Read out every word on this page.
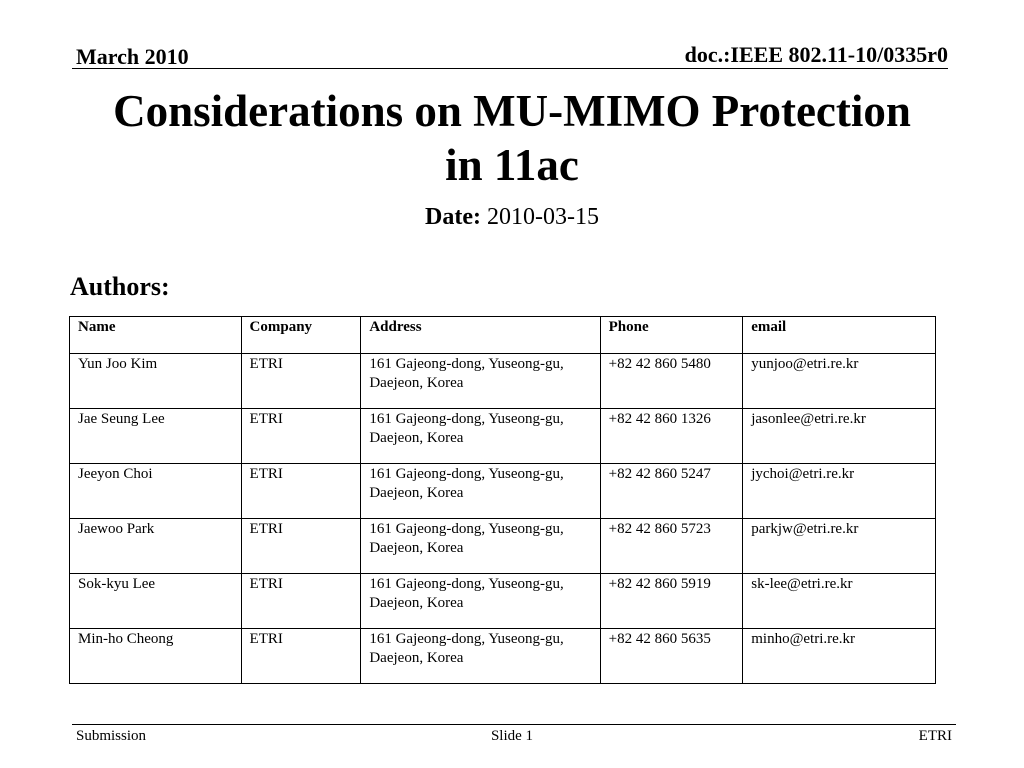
March 2010	doc.:IEEE 802.11-10/0335r0
Considerations on MU-MIMO Protection
in 11ac
Date: 2010-03-15
Authors:
Name	Company	Address	Phone	email
Yun Joo Kim	ETRI	161 Gajeong-dong, Yuseong-gu, Daejeon, Korea	+82 42 860 5480	yunjoo@etri.re.kr
Jae Seung Lee	ETRI	161 Gajeong-dong, Yuseong-gu, Daejeon, Korea	+82 42 860 1326	jasonlee@etri.re.kr
Jeeyon Choi	ETRI	161 Gajeong-dong, Yuseong-gu, Daejeon, Korea	+82 42 860 5247	jychoi@etri.re.kr
Jaewoo Park	ETRI	161 Gajeong-dong, Yuseong-gu, Daejeon, Korea	+82 42 860 5723	parkjw@etri.re.kr
Sok-kyu Lee	ETRI	161 Gajeong-dong, Yuseong-gu, Daejeon, Korea	+82 42 860 5919	sk-lee@etri.re.kr
Min-ho Cheong	ETRI	161 Gajeong-dong, Yuseong-gu, Daejeon, Korea	+82 42 860 5635	minho@etri.re.kr
Submission	Slide 1	ETRI
